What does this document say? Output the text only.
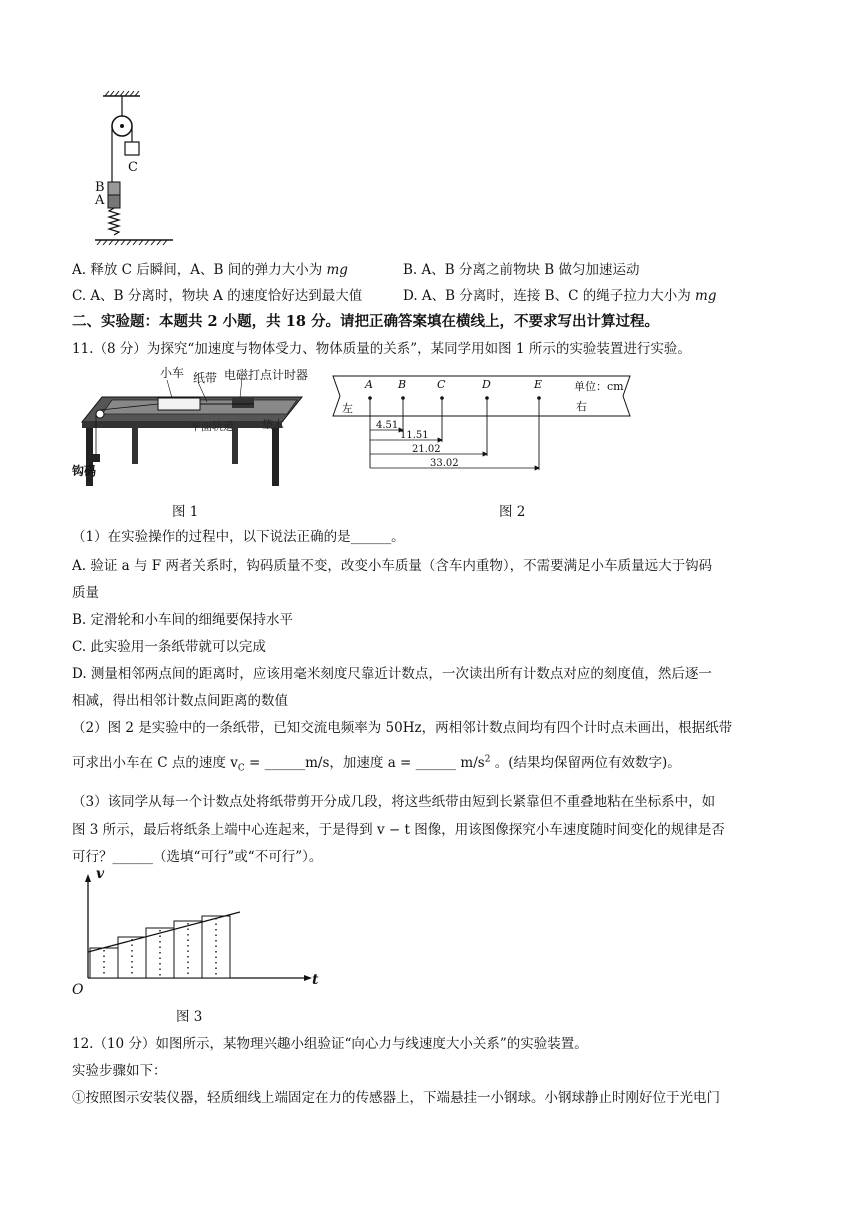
C
B
A
A. 释放 C 后瞬间，A、B 间的弹力大小为 mg	B. A、B 分离之前物块 B 做匀加速运动
C. A、B 分离时，物块 A 的速度恰好达到最大值	D. A、B 分离时，连接 B、C 的绳子拉力大小为 mg
二、实验题：本题共 2 小题，共 18 分。请把正确答案填在横线上，不要求写出计算过程。
11.（8 分）为探究“加速度与物体受力、物体质量的关系”，某同学用如图 1 所示的实验装置进行实验。
小车 纸带 电磁打点计时器
平面轨道	垫木
钩码
图 1
A B	C	D	E	单位：cm
左	右
4.51
11.51
21.02
33.02
图 2
（1）在实验操作的过程中，以下说法正确的是______。
A. 验证 a 与 F 两者关系时，钩码质量不变，改变小车质量（含车内重物），不需要满足小车质量远大于钩码
质量
B. 定滑轮和小车间的细绳要保持水平
C. 此实验用一条纸带就可以完成
D. 测量相邻两点间的距离时，应该用毫米刻度尺靠近计数点，一次读出所有计数点对应的刻度值，然后逐一
相减，得出相邻计数点间距离的数值
（2）图 2 是实验中的一条纸带，已知交流电频率为 50Hz，两相邻计数点间均有四个计时点未画出，根据纸带
可求出小车在 C 点的速度 $v_C$ = ______m/s，加速度 a = ______ $m/s^2$ 。(结果均保留两位有效数字)。
（3）该同学从每一个计数点处将纸带剪开分成几段，将这些纸带由短到长紧靠但不重叠地粘在坐标系中，如
图 3 所示，最后将纸条上端中心连起来，于是得到 v − t 图像，用该图像探究小车速度随时间变化的规律是否
可行？______（选填“可行”或“不可行”）。
v
t
O
图 3
12.（10 分）如图所示，某物理兴趣小组验证“向心力与线速度大小关系”的实验装置。
实验步骤如下：
①按照图示安装仪器，轻质细线上端固定在力的传感器上，下端悬挂一小钢球。小钢球静止时刚好位于光电门
